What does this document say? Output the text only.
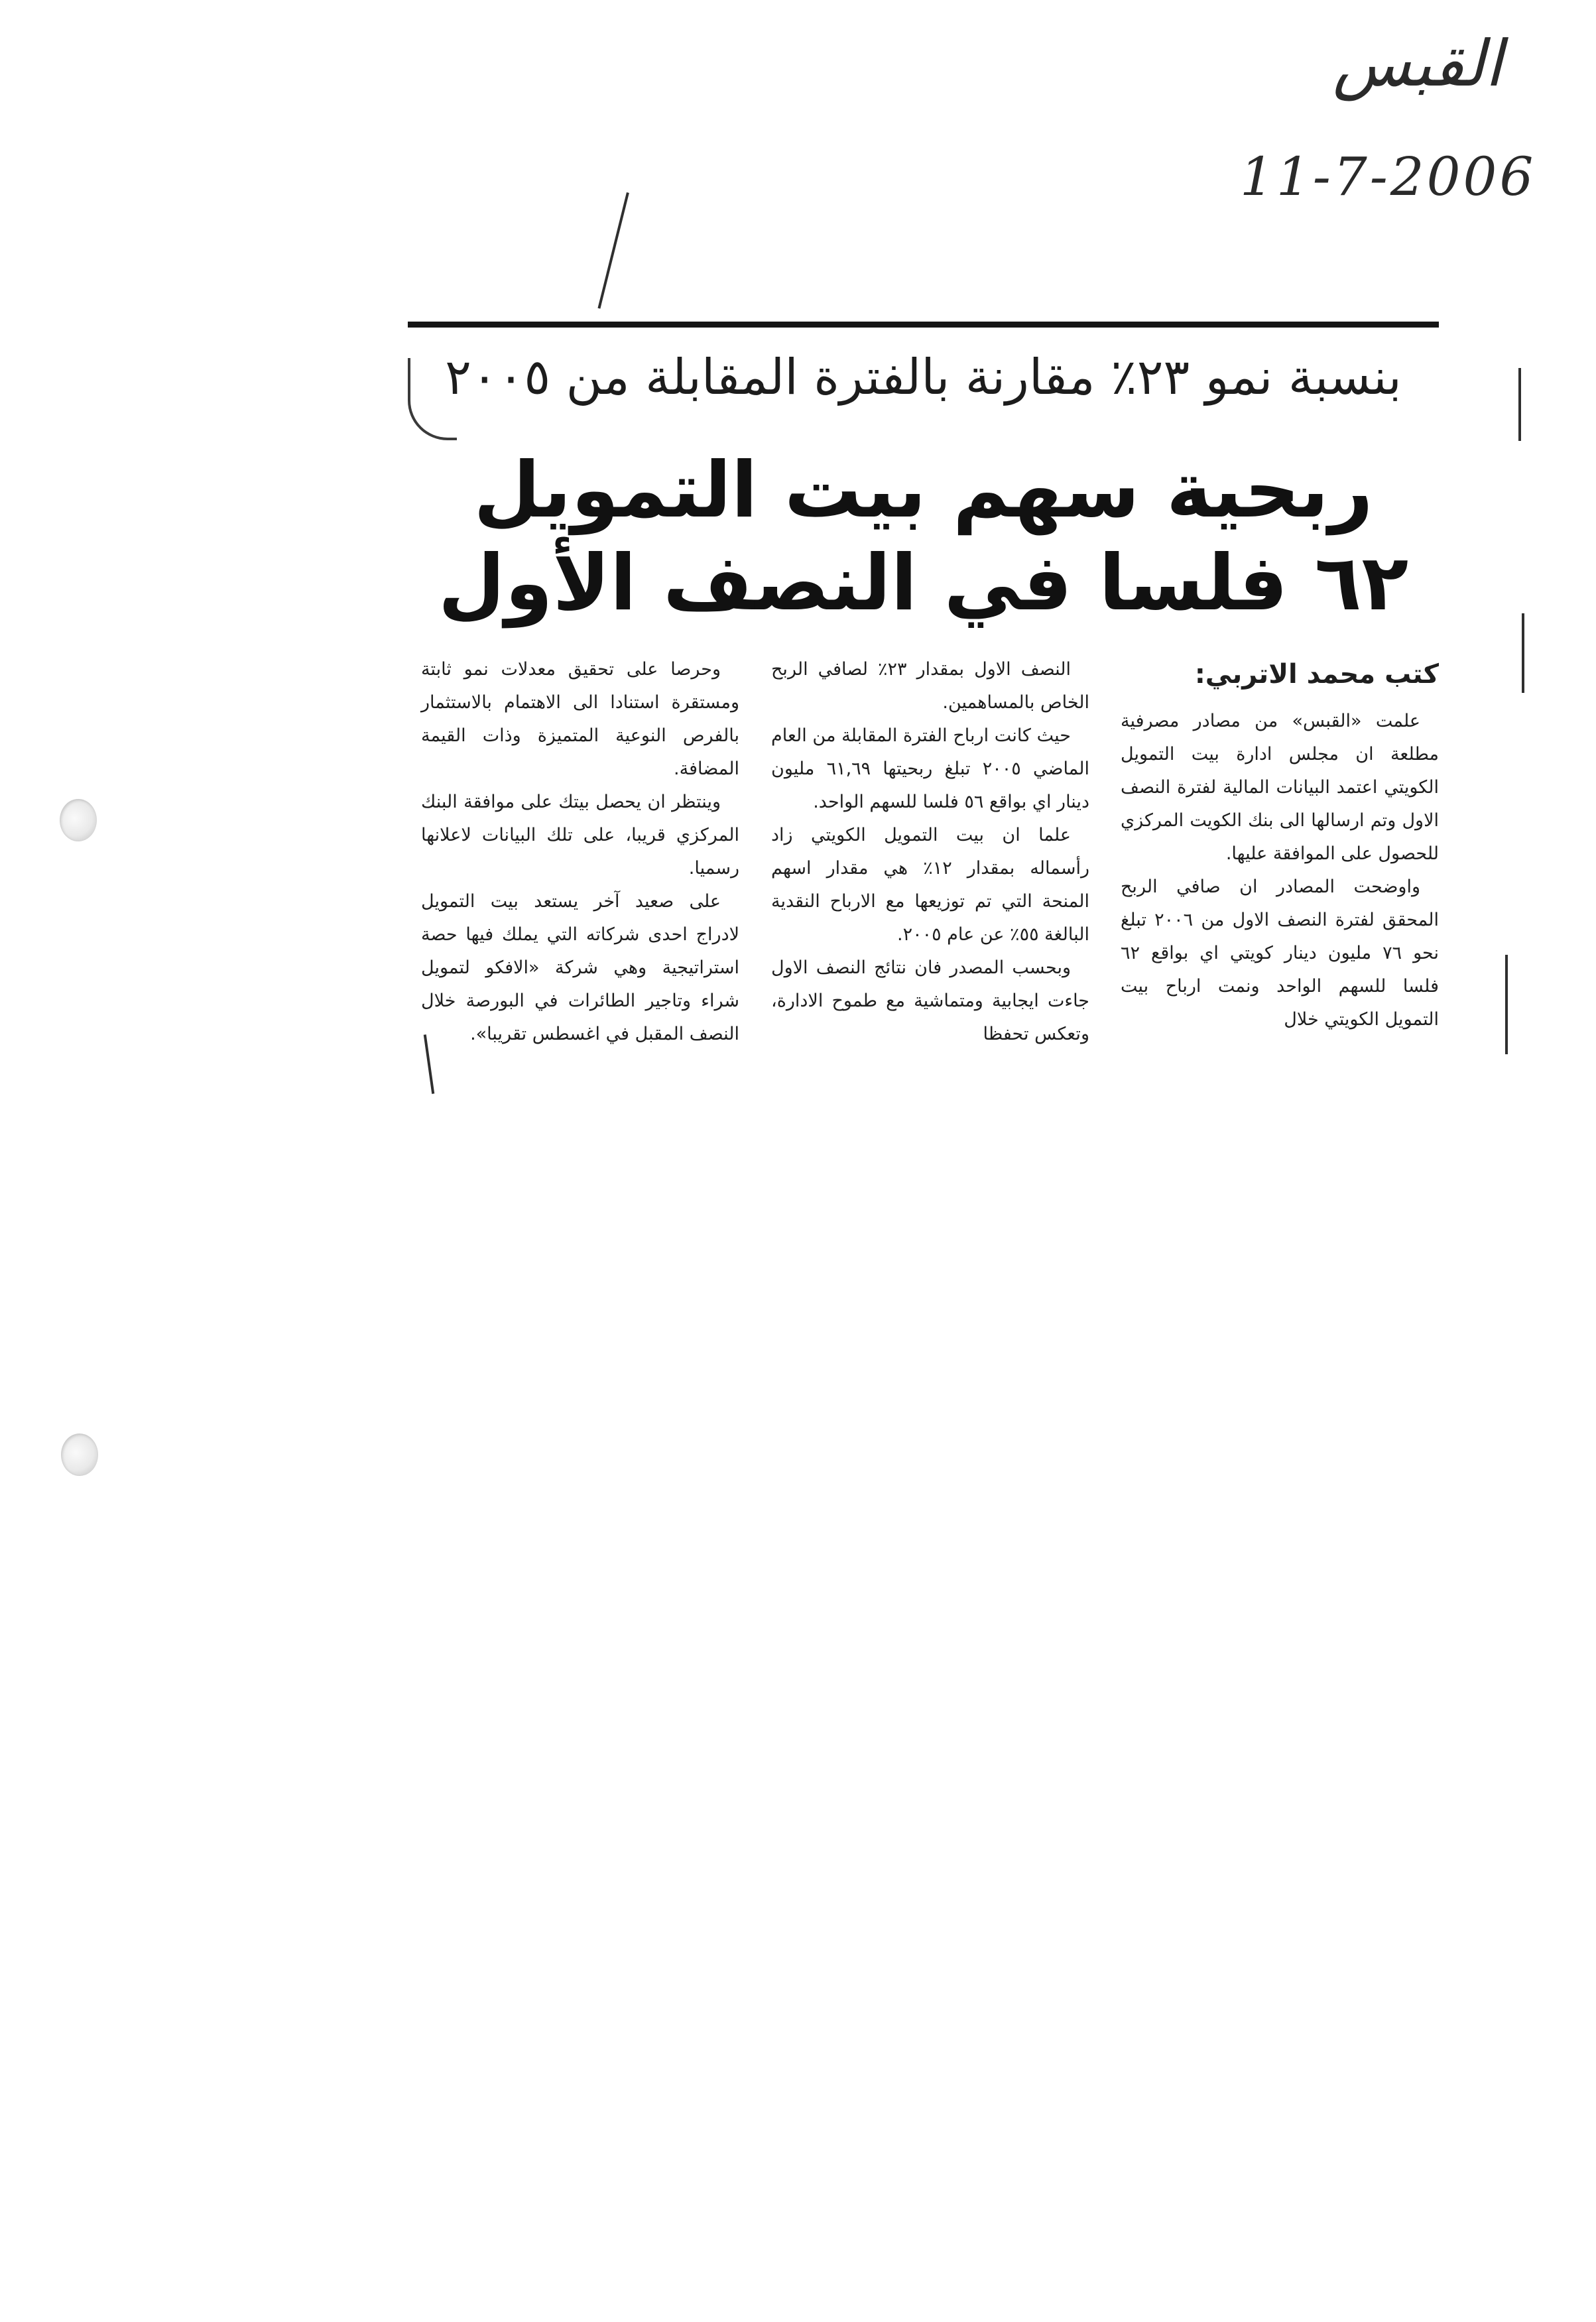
القبس
11-7-2006
بنسبة نمو ٢٣٪ مقارنة بالفترة المقابلة من ٢٠٠٥
ربحية سهم بيت التمويل
٦٢ فلسا في النصف الأول
كتب محمد الاتربي:

علمت «القبس» من مصادر مصرفية مطلعة ان مجلس ادارة بيت التمويل الكويتي اعتمد البيانات المالية لفترة النصف الاول وتم ارسالها الى بنك الكويت المركزي للحصول على الموافقة عليها.

واوضحت المصادر ان صافي الربح المحقق لفترة النصف الاول من ٢٠٠٦ تبلغ نحو ٧٦ مليون دينار كويتي اي بواقع ٦٢ فلسا للسهم الواحد ونمت ارباح بيت التمويل الكويتي خلال

النصف الاول بمقدار ٢٣٪ لصافي الربح الخاص بالمساهمين.

حيث كانت ارباح الفترة المقابلة من العام الماضي ٢٠٠٥ تبلغ ربحيتها ٦١,٦٩ مليون دينار اي بواقع ٥٦ فلسا للسهم الواحد.

علما ان بيت التمويل الكويتي زاد رأسماله بمقدار ١٢٪ هي مقدار اسهم المنحة التي تم توزيعها مع الارباح النقدية البالغة ٥٥٪ عن عام ٢٠٠٥.

وبحسب المصدر فان نتائج النصف الاول جاءت ايجابية ومتماشية مع طموح الادارة، وتعكس تحفظا

وحرصا على تحقيق معدلات نمو ثابتة ومستقرة استنادا الى الاهتمام بالاستثمار بالفرص النوعية المتميزة وذات القيمة المضافة.

وينتظر ان يحصل بيتك على موافقة البنك المركزي قريبا، على تلك البيانات لاعلانها رسميا.

على صعيد آخر يستعد بيت التمويل لادراج احدى شركاته التي يملك فيها حصة استراتيجية وهي شركة «الافكو لتمويل شراء وتاجير الطائرات في البورصة خلال النصف المقبل في اغسطس تقريبا».
